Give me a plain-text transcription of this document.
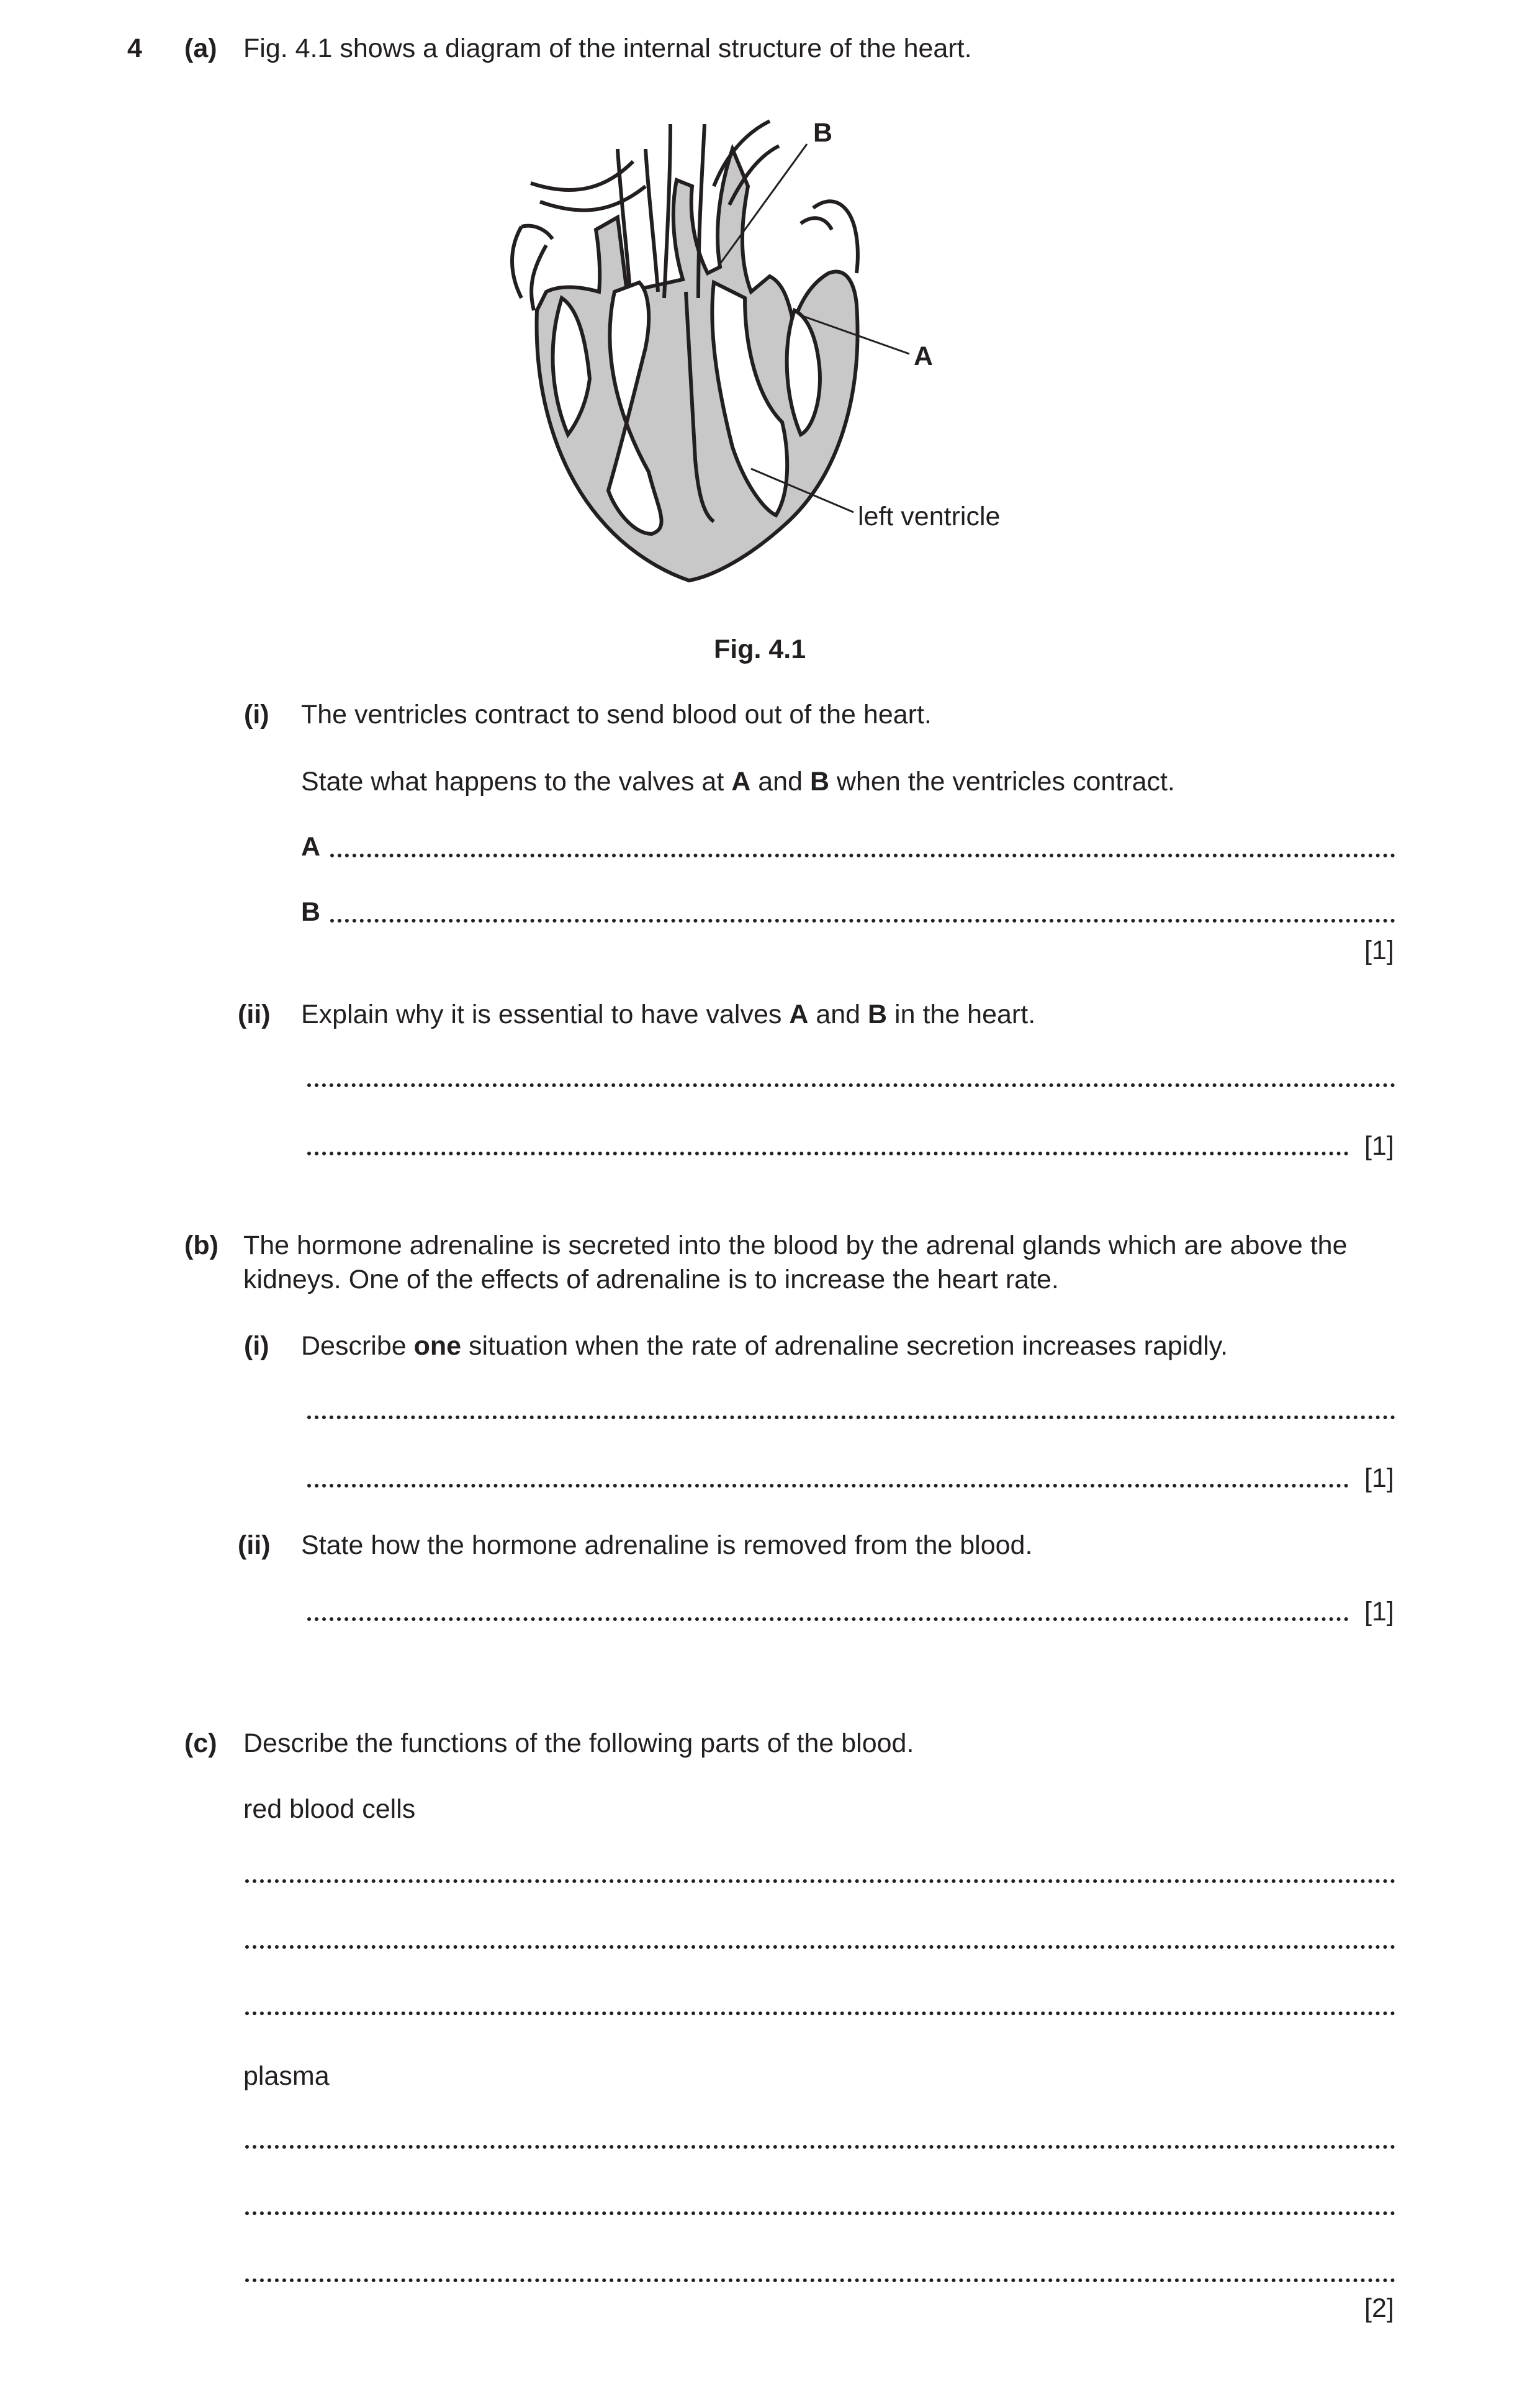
4 (a) Fig. 4.1 shows a diagram of the internal structure of the heart.
B
A
left ventricle
Fig. 4.1
(i) The ventricles contract to send blood out of the heart.
State what happens to the valves at A and B when the ventricles contract.
A
B
[1]
(ii) Explain why it is essential to have valves A and B in the heart.
[1]
(b) The hormone adrenaline is secreted into the blood by the adrenal glands which are above the
kidneys. One of the effects of adrenaline is to increase the heart rate.
(i) Describe one situation when the rate of adrenaline secretion increases rapidly.
[1]
(ii) State how the hormone adrenaline is removed from the blood.
[1]
(c) Describe the functions of the following parts of the blood.
red blood cells
plasma
[2]
